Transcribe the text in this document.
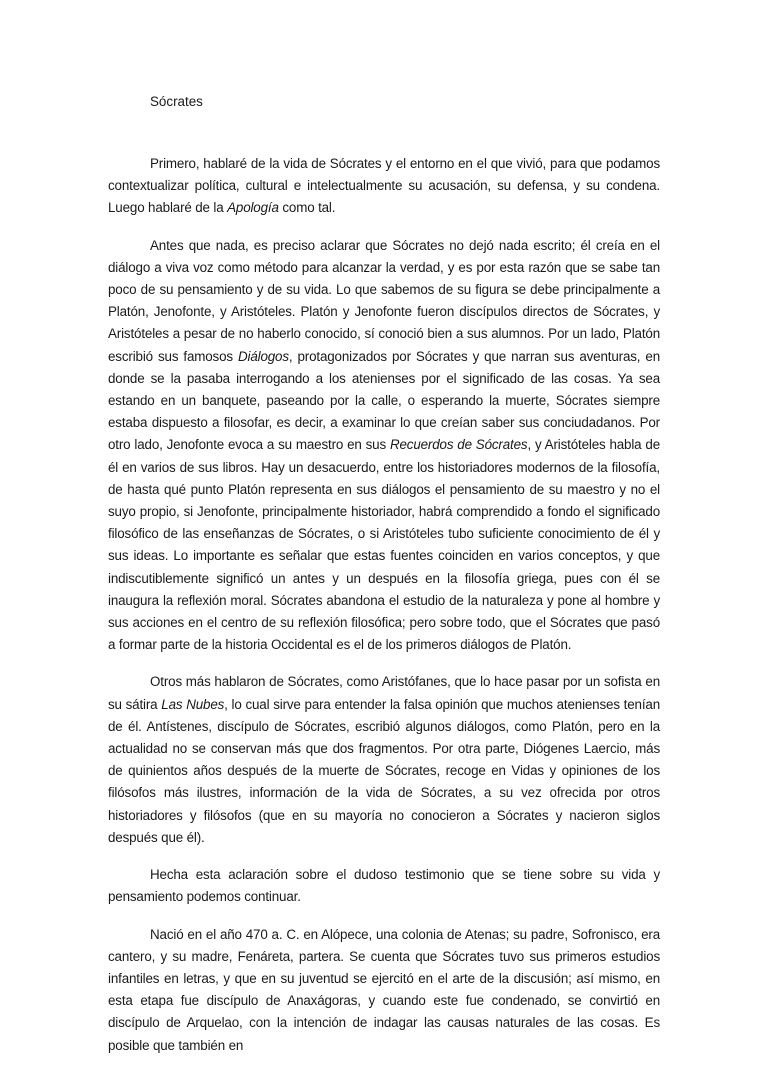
Sócrates

Primero, hablaré de la vida de Sócrates y el entorno en el que vivió, para que podamos contextualizar política, cultural e intelectualmente su acusación, su defensa, y su condena. Luego hablaré de la Apología como tal.

Antes que nada, es preciso aclarar que Sócrates no dejó nada escrito; él creía en el diálogo a viva voz como método para alcanzar la verdad, y es por esta razón que se sabe tan poco de su pensamiento y de su vida. Lo que sabemos de su figura se debe principalmente a Platón, Jenofonte, y Aristóteles. Platón y Jenofonte fueron discípulos directos de Sócrates, y Aristóteles a pesar de no haberlo conocido, sí conoció bien a sus alumnos. Por un lado, Platón escribió sus famosos Diálogos, protagonizados por Sócrates y que narran sus aventuras, en donde se la pasaba interrogando a los atenienses por el significado de las cosas. Ya sea estando en un banquete, paseando por la calle, o esperando la muerte, Sócrates siempre estaba dispuesto a filosofar, es decir, a examinar lo que creían saber sus conciudadanos. Por otro lado, Jenofonte evoca a su maestro en sus Recuerdos de Sócrates, y Aristóteles habla de él en varios de sus libros. Hay un desacuerdo, entre los historiadores modernos de la filosofía, de hasta qué punto Platón representa en sus diálogos el pensamiento de su maestro y no el suyo propio, si Jenofonte, principalmente historiador, habrá comprendido a fondo el significado filosófico de las enseñanzas de Sócrates, o si Aristóteles tubo suficiente conocimiento de él y sus ideas. Lo importante es señalar que estas fuentes coinciden en varios conceptos, y que indiscutiblemente significó un antes y un después en la filosofía griega, pues con él se inaugura la reflexión moral. Sócrates abandona el estudio de la naturaleza y pone al hombre y sus acciones en el centro de su reflexión filosófica; pero sobre todo, que el Sócrates que pasó a formar parte de la historia Occidental es el de los primeros diálogos de Platón.

Otros más hablaron de Sócrates, como Aristófanes, que lo hace pasar por un sofista en su sátira Las Nubes, lo cual sirve para entender la falsa opinión que muchos atenienses tenían de él. Antístenes, discípulo de Sócrates, escribió algunos diálogos, como Platón, pero en la actualidad no se conservan más que dos fragmentos. Por otra parte, Diógenes Laercio, más de quinientos años después de la muerte de Sócrates, recoge en Vidas y opiniones de los filósofos más ilustres, información de la vida de Sócrates, a su vez ofrecida por otros historiadores y filósofos (que en su mayoría no conocieron a Sócrates y nacieron siglos después que él).

Hecha esta aclaración sobre el dudoso testimonio que se tiene sobre su vida y pensamiento podemos continuar.

Nació en el año 470 a. C. en Alópece, una colonia de Atenas; su padre, Sofronisco, era cantero, y su madre, Fenáreta, partera. Se cuenta que Sócrates tuvo sus primeros estudios infantiles en letras, y que en su juventud se ejercitó en el arte de la discusión; así mismo, en esta etapa fue discípulo de Anaxágoras, y cuando este fue condenado, se convirtió en discípulo de Arquelao, con la intención de indagar las causas naturales de las cosas. Es posible que también en
